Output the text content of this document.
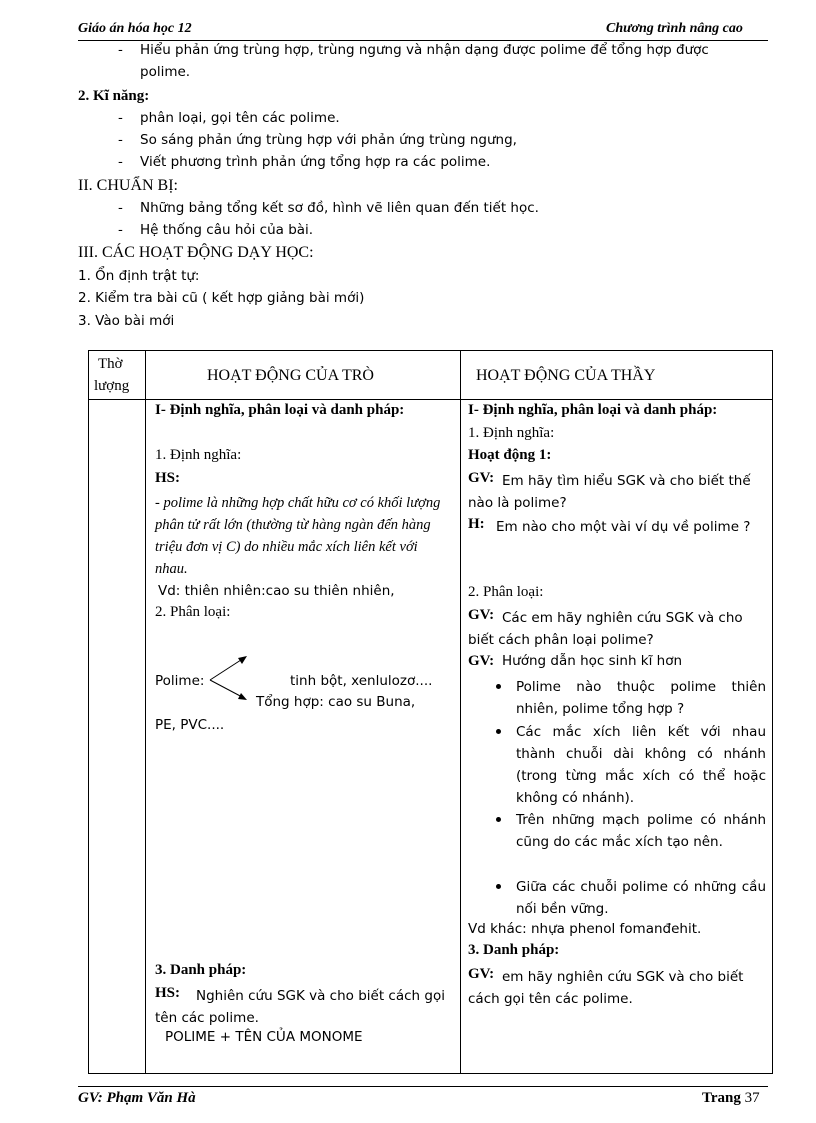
Giáo án hóa học 12	Chương trình nâng cao
- Hiểu phản ứng trùng hợp, trùng ngưng và nhận dạng được polime để tổng hợp được
polime.
2. Kĩ năng:
- phân loại, gọi tên các polime.
- So sáng phản ứng trùng hợp với phản ứng trùng ngưng,
- Viết phương trình phản ứng tổng hợp ra các polime.
II. CHUẨN BỊ:
- Những bảng tổng kết sơ đồ, hình vẽ liên quan đến tiết học.
- Hệ thống câu hỏi của bài.
III. CÁC HOẠT ĐỘNG DẠY HỌC:
1. Ổn định trật tự:
2. Kiểm tra bài cũ ( kết hợp giảng bài mới)
3. Vào bài mới
Thờ
lượng
HOẠT ĐỘNG CỦA TRÒ	HOẠT ĐỘNG CỦA THẦY
I- Định nghĩa, phân loại và danh pháp:
1. Định nghĩa:
HS:
- polime là những hợp chất hữu cơ có khối lượng phân tử rất lớn (thường từ hàng ngàn đến hàng triệu đơn vị C) do nhiều mắc xích liên kết với nhau.
Vd: thiên nhiên:cao su thiên nhiên,
2. Phân loại:
Polime:	tinh bột, xenlulozơ....
Tổng hợp: cao su Buna,
PE, PVC....
3. Danh pháp:
HS:	Nghiên cứu SGK và cho biết cách gọi tên các polime.
POLIME + TÊN CỦA MONOME
I- Định nghĩa, phân loại và danh pháp:
1. Định nghĩa:
Hoạt động 1:
GV: Em hãy tìm hiểu SGK và cho biết thế nào là polime?
H: Em nào cho một vài ví dụ về polime ?
2. Phân loại:
GV: Các em hãy nghiên cứu SGK và cho biết cách phân loại polime?
GV: Hướng dẫn học sinh kĩ hơn
Polime nào thuộc polime thiên nhiên, polime tổng hợp ?
Các mắc xích liên kết với nhau thành chuỗi dài không có nhánh (trong từng mắc xích có thể hoặc không có nhánh).
Trên những mạch polime có nhánh cũng do các mắc xích tạo nên.
Giữa các chuỗi polime có những cầu nối bền vững.
Vd khác: nhựa phenol fomanđehit.
3. Danh pháp:
GV: em hãy nghiên cứu SGK và cho biết cách gọi tên các polime.
GV: Phạm Văn Hà	Trang 37
